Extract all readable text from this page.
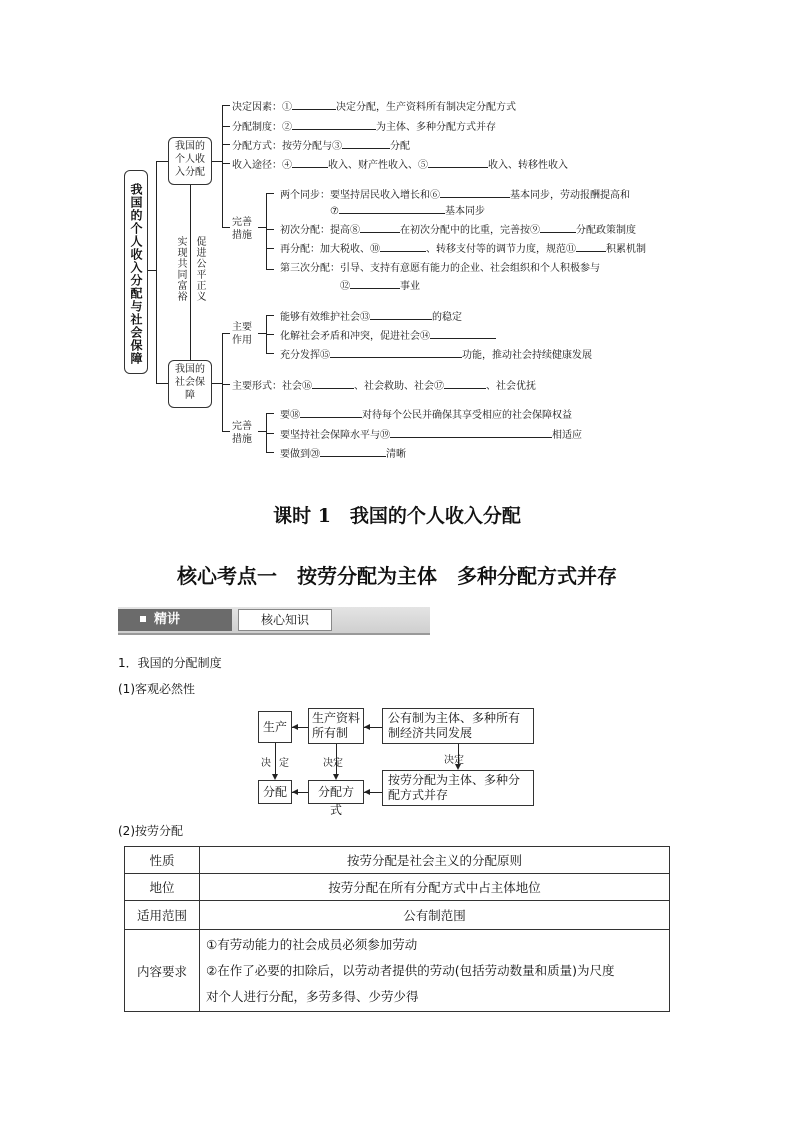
我国的个人收入分配与社会保障
我国的个人收入分配
我国的社会保障
实现共同富裕 促进公平正义
决定因素：①	决定分配，生产资料所有制决定分配方式
分配制度：②	为主体、多种分配方式并存
分配方式：按劳分配与③	分配
收入途径：④	收入、财产性收入、⑤	收入、转移性收入
完善措施
两个同步：要坚持居民收入增长和⑥	基本同步，劳动报酬提高和
⑦	基本同步
初次分配：提高⑧	在初次分配中的比重，完善按⑨	分配政策制度
再分配：加大税收、⑩	、转移支付等的调节力度，规范⑪	积累机制
第三次分配：引导、支持有意愿有能力的企业、社会组织和个人积极参与
⑫	事业
主要作用
能够有效维护社会⑬	的稳定
化解社会矛盾和冲突，促进社会⑭
充分发挥⑮	功能，推动社会持续健康发展
主要形式：社会⑯	、社会救助、社会⑰	、社会优抚
完善措施
要⑱	对待每个公民并确保其享受相应的社会保障权益
要坚持社会保障水平与⑲	相适应
要做到⑳	清晰
课时 1　我国的个人收入分配
核心考点一　按劳分配为主体　多种分配方式并存
精讲	核心知识
1．我国的分配制度
(1)客观必然性
生产
生产资料所有制
公有制为主体、多种所有制经济共同发展
分配	分配方式
按劳分配为主体、多种分配方式并存
决定	决定	决定
(2)按劳分配
性质	按劳分配是社会主义的分配原则
地位	按劳分配在所有分配方式中占主体地位
适用范围	公有制范围
内容要求	①有劳动能力的社会成员必须参加劳动
②在作了必要的扣除后，以劳动者提供的劳动(包括劳动数量和质量)为尺度
对个人进行分配，多劳多得、少劳少得
